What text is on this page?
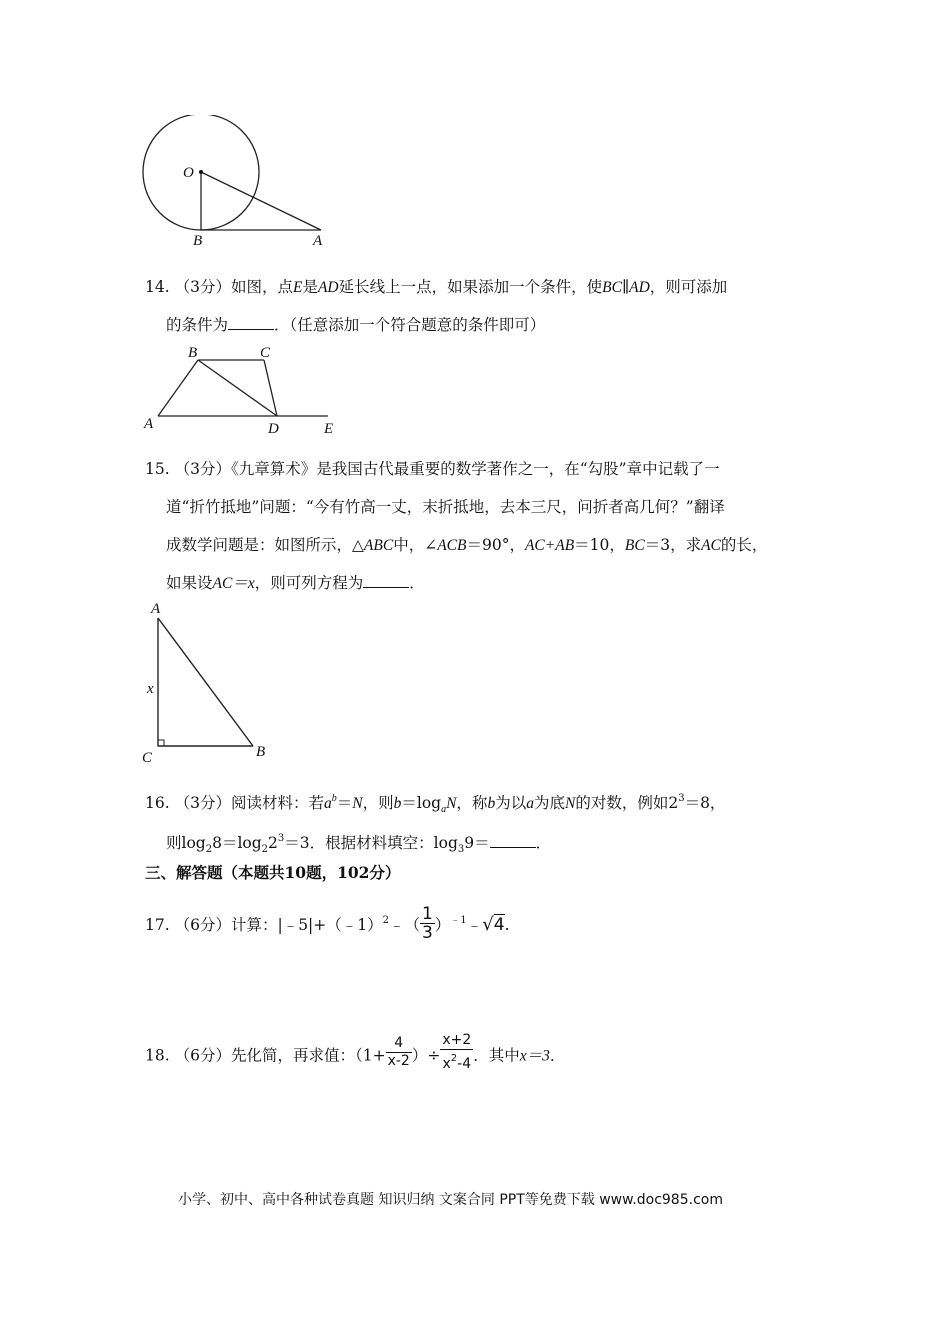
O
B	A
14. （3分）如图，点E是AD延长线上一点，如果添加一个条件，使BC∥AD，则可添加
的条件为	．（任意添加一个符合题意的条件即可）
B	C
A	D	E
15. （3分）《九章算术》是我国古代最重要的数学著作之一，在“勾股”章中记载了一
道“折竹抵地”问题：“今有竹高一丈，末折抵地，去本三尺，问折者高几何？”翻译
成数学问题是：如图所示，△ABC中，∠ACB＝90°，AC+AB＝10，BC＝3，求AC的长，
如果设AC＝x，则可列方程为	．
A
x
C	B
16. （3分）阅读材料：若$a^b=N$，则$b=\log_aN$，称b为以a为底N的对数，例如$2^3=8$，
则$\log_28=\log_22^3=3$．根据材料填空：$\log_39=$	．
三、解答题（本题共10题，102分）
17. （6分）计算：|﹣5|+（﹣1）$^2$﹣（ $\frac{1}{3}$ ）$^{﹣1}$﹣√4.
18. （6分）先化简，再求值：（$1+ \frac{4}{x-2}$ ）÷ $\frac{x+2}{x^2-4}$ ．其中x＝3．
小学、初中、高中各种试卷真题 知识归纳 文案合同 PPT等免费下载 www.doc985.com
